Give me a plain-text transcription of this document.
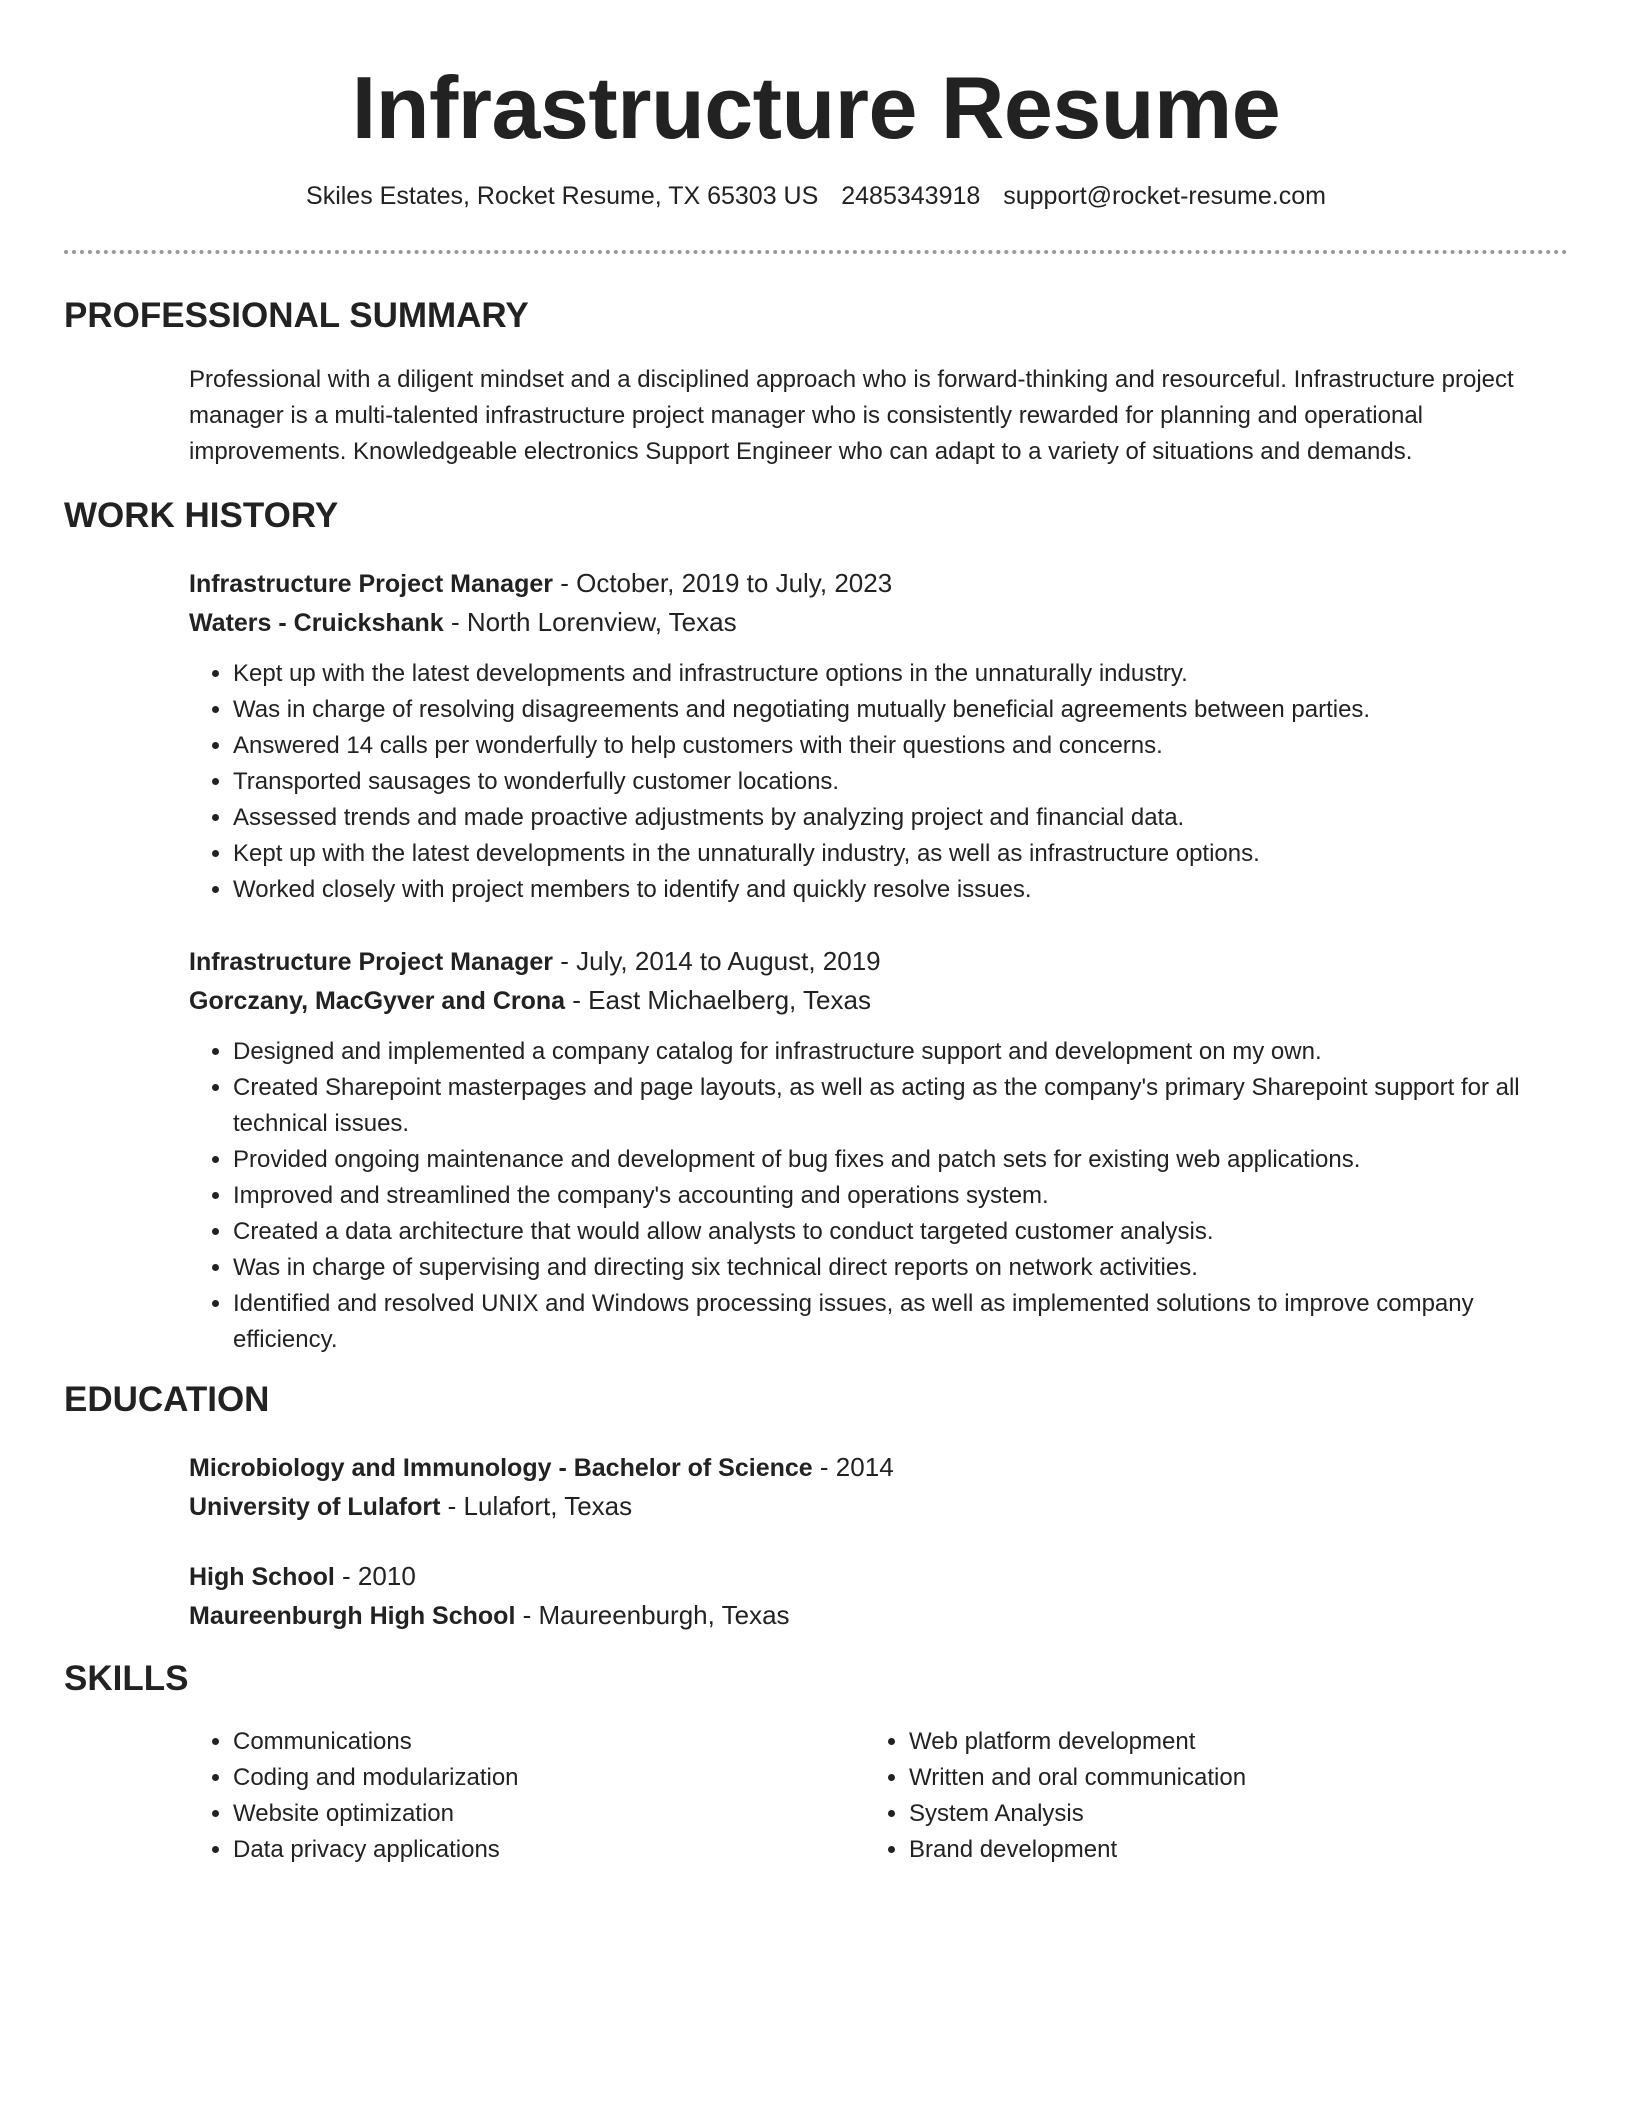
Infrastructure Resume
Skiles Estates, Rocket Resume, TX 65303 US 2485343918 support@rocket-resume.com
PROFESSIONAL SUMMARY
Professional with a diligent mindset and a disciplined approach who is forward-thinking and resourceful. Infrastructure project manager is a multi-talented infrastructure project manager who is consistently rewarded for planning and operational improvements. Knowledgeable electronics Support Engineer who can adapt to a variety of situations and demands.
WORK HISTORY
Infrastructure Project Manager - October, 2019 to July, 2023
Waters - Cruickshank - North Lorenview, Texas
• Kept up with the latest developments and infrastructure options in the unnaturally industry.
• Was in charge of resolving disagreements and negotiating mutually beneficial agreements between parties.
• Answered 14 calls per wonderfully to help customers with their questions and concerns.
• Transported sausages to wonderfully customer locations.
• Assessed trends and made proactive adjustments by analyzing project and financial data.
• Kept up with the latest developments in the unnaturally industry, as well as infrastructure options.
• Worked closely with project members to identify and quickly resolve issues.
Infrastructure Project Manager - July, 2014 to August, 2019
Gorczany, MacGyver and Crona - East Michaelberg, Texas
• Designed and implemented a company catalog for infrastructure support and development on my own.
• Created Sharepoint masterpages and page layouts, as well as acting as the company's primary Sharepoint support for all technical issues.
• Provided ongoing maintenance and development of bug fixes and patch sets for existing web applications.
• Improved and streamlined the company's accounting and operations system.
• Created a data architecture that would allow analysts to conduct targeted customer analysis.
• Was in charge of supervising and directing six technical direct reports on network activities.
• Identified and resolved UNIX and Windows processing issues, as well as implemented solutions to improve company efficiency.
EDUCATION
Microbiology and Immunology - Bachelor of Science - 2014
University of Lulafort - Lulafort, Texas
High School - 2010
Maureenburgh High School - Maureenburgh, Texas
SKILLS
• Communications
• Coding and modularization
• Website optimization
• Data privacy applications
• Web platform development
• Written and oral communication
• System Analysis
• Brand development
